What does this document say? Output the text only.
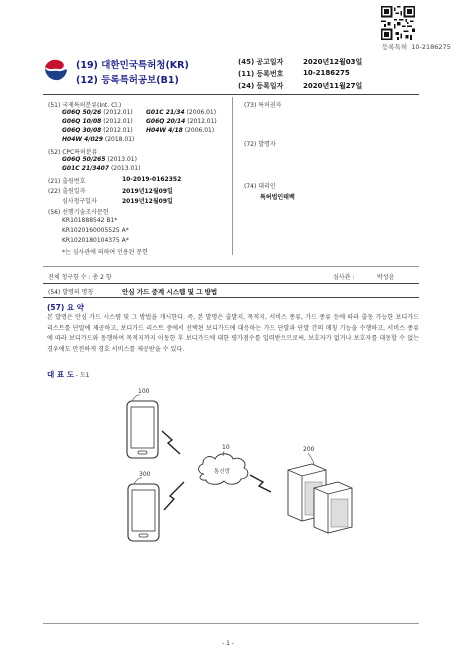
등록특허 10-2186275
(19) 대한민국특허청(KR)
(12) 등록특허공보(B1)
(45) 공고일자	2020년12월03일
(11) 등록번호	10-2186275
(24) 등록일자	2020년11월27일
(51) 국제특허분류(Int. Cl.)
G06Q 50/26 (2012.01) G01C 21/34 (2006.01)
G06Q 10/08 (2012.01) G06Q 20/14 (2012.01)
G06Q 30/08 (2012.01) H04W 4/18 (2006.01)
H04W 4/029 (2018.01)
(52) CPC특허분류
G06Q 50/265 (2013.01)
G01C 21/3407 (2013.01)
(21) 출원번호	10-2019-0162352
(22) 출원일자	2019년12월09일
심사청구일자	2019년12월09일
(56) 선행기술조사문헌
KR101888542 B1*
KR1020160005525 A*
KR1020180104375 A*
*는 심사관에 의하여 인용된 문헌
(73) 특허권자
(72) 발명자
(74) 대리인
특허법인태백
전체 청구항 수 : 총 2 항	심사관 :	박성윤
(54) 발명의 명칭	안심 가드 중계 시스템 및 그 방법
(57) 요 약
본 발명은 안심 가드 시스템 및 그 방법을 개시한다. 즉, 본 발명은 출발지, 목적지, 서비스 종류, 가드 종류 등에 따라 출동 가능한 보디가드 리스트를 단말에 제공하고, 보디가드 리스트 중에서 선택된 보디가드에 대응하는 가드 단말과 단말 간의 매칭 기능을 수행하고, 서비스 종류에 따라 보디가드와 동행하여 목적지까지 이동한 후 보디가드에 대한 평가점수를 입력받으므로써, 보호자가 없거나 보호자를 대동할 수 없는 경우에도 안전하게 경호 서비스를 제공받을 수 있다.
대 표 도 - 도1
100
300	통신망
10	200
- 1 -
